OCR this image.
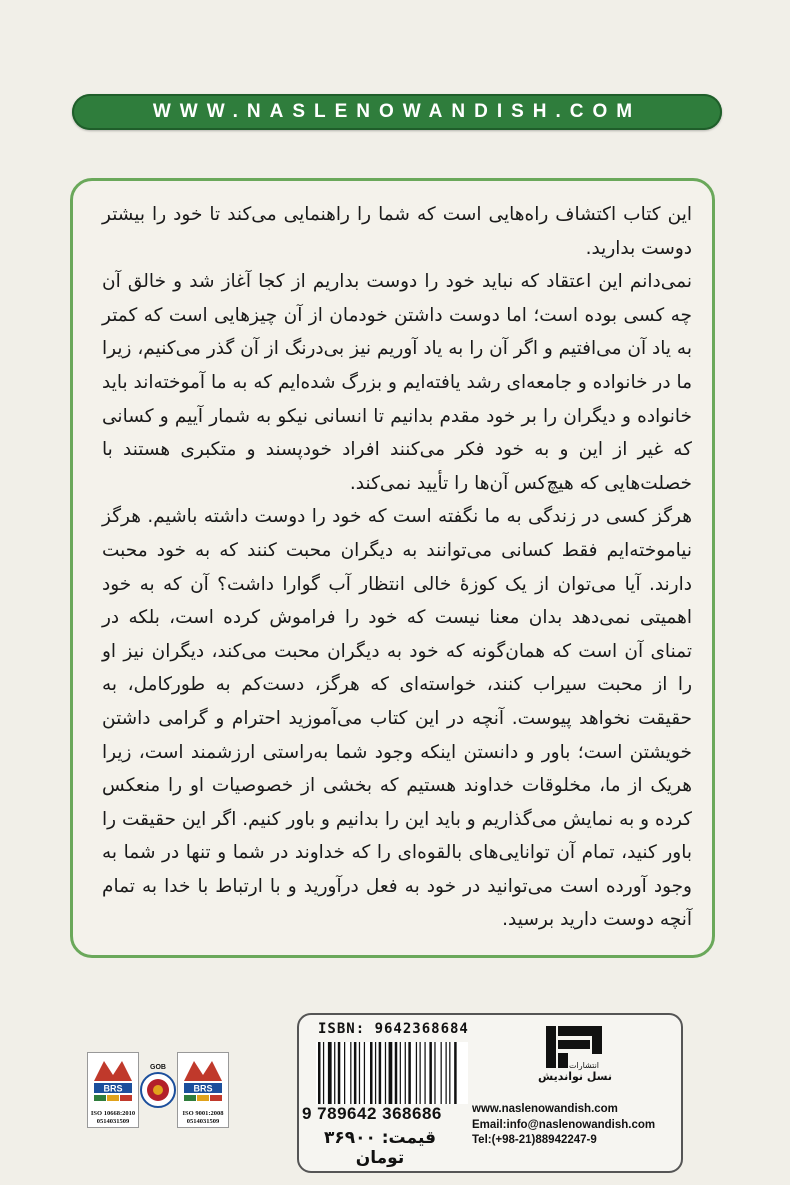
WWW.NASLENOWANDISH.COM

این کتاب اکتشاف راه‌هایی است که شما را راهنمایی می‌کند تا خود را بیشتر دوست بدارید.

نمی‌دانم این اعتقاد که نباید خود را دوست بداریم از کجا آغاز شد و خالق آن چه کسی بوده است؛ اما دوست داشتن خودمان از آن چیزهایی است که کمتر به یاد آن می‌افتیم و اگر آن را به یاد آوریم نیز بی‌درنگ از آن گذر می‌کنیم، زیرا ما در خانواده و جامعه‌ای رشد یافته‌ایم و بزرگ شده‌ایم که به ما آموخته‌اند باید خانواده و دیگران را بر خود مقدم بدانیم تا انسانی نیکو به شمار آییم و کسانی که غیر از این و به خود فکر می‌کنند افراد خودپسند و متکبری هستند با خصلت‌هایی که هیچ‌کس آن‌ها را تأیید نمی‌کند.

هرگز کسی در زندگی به ما نگفته است که خود را دوست داشته باشیم. هرگز نیاموخته‌ایم فقط کسانی می‌توانند به دیگران محبت کنند که به خود محبت دارند. آیا می‌توان از یک کوزهٔ خالی انتظار آب گوارا داشت؟ آن که به خود اهمیتی نمی‌دهد بدان معنا نیست که خود را فراموش کرده است، بلکه در تمنای آن است که همان‌گونه که خود به دیگران محبت می‌کند، دیگران نیز او را از محبت سیراب کنند، خواسته‌ای که هرگز، دست‌کم به طورکامل، به حقیقت نخواهد پیوست. آنچه در این کتاب می‌آموزید احترام و گرامی داشتن خویشتن است؛ باور و دانستن اینکه وجود شما به‌راستی ارزشمند است، زیرا هریک از ما، مخلوقات خداوند هستیم که بخشی از خصوصیات او را منعکس کرده و به نمایش می‌گذاریم و باید این را بدانیم و باور کنیم. اگر این حقیقت را باور کنید، تمام آن توانایی‌های بالقوه‌ای را که خداوند در شما و تنها در شما به وجود آورده است می‌توانید در خود به فعل درآورید و با ارتباط با خدا به تمام آنچه دوست دارید برسید.

ISBN: 9642368684
9 789642 368686
قیمت: ۳۶۹۰۰ تومان
انتشارات
نسل نواندیش
www.naslenowandish.com
Email:info@naslenowandish.com
Tel:(+98-21)88942247-9
BRS
ISO 10668:2010 0514031509
GOB
BRS
ISO 9001:2008 0514031509
